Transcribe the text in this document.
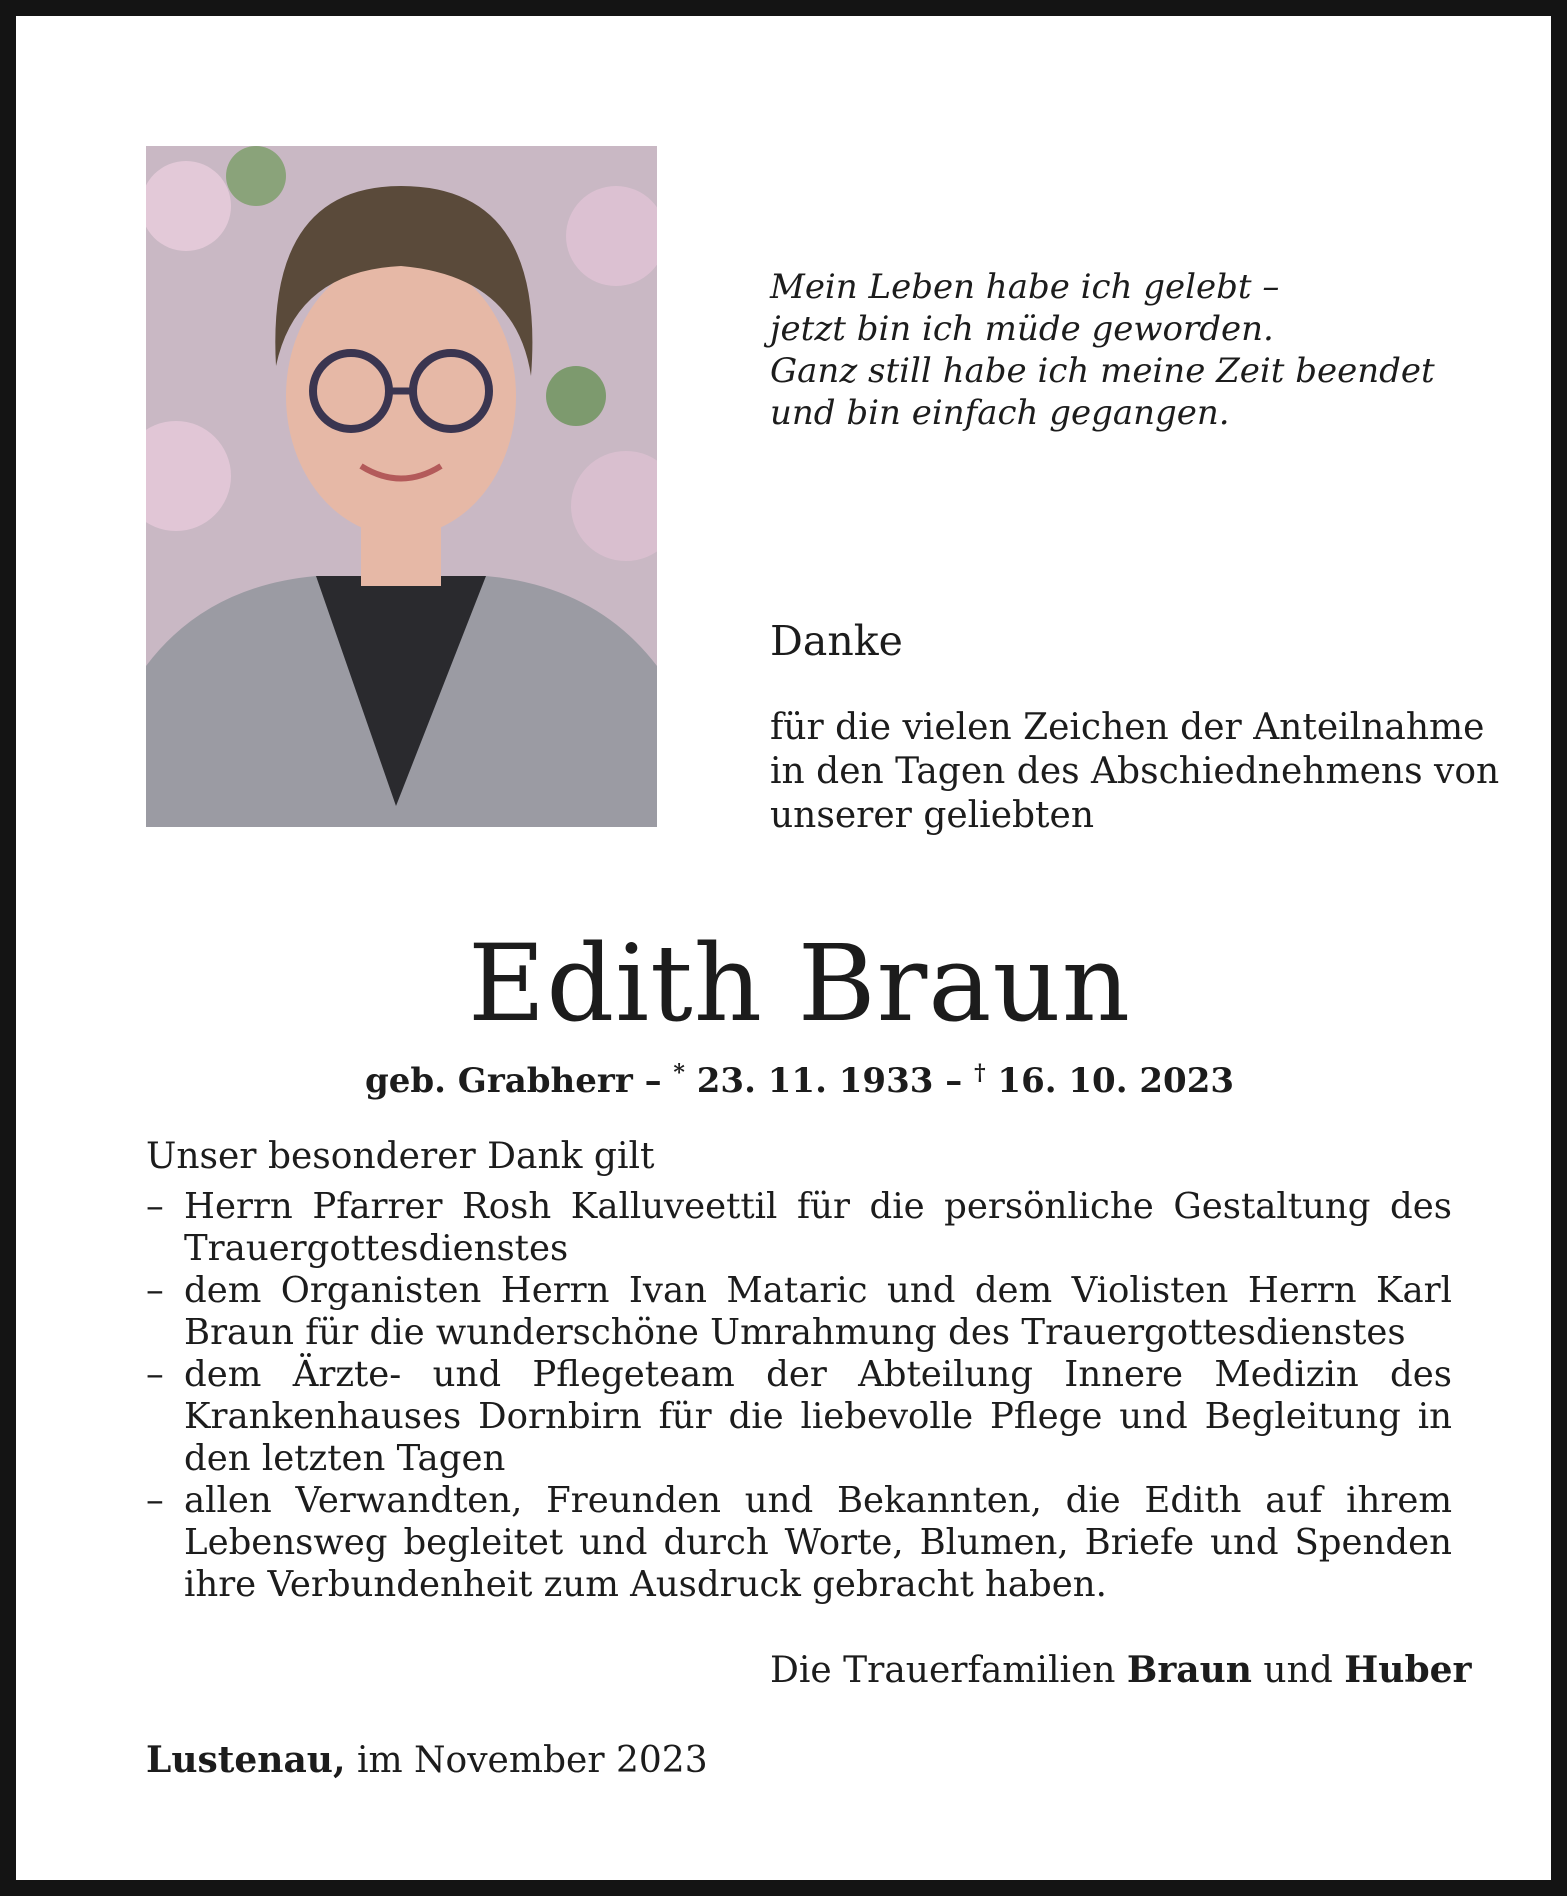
Mein Leben habe ich gelebt –
jetzt bin ich müde geworden.
Ganz still habe ich meine Zeit beendet
und bin einfach gegangen.
Danke
für die vielen Zeichen der Anteilnahme
in den Tagen des Abschiednehmens von
unserer geliebten
Edith Braun
geb. Grabherr – * 23. 11. 1933 – † 16. 10. 2023
Unser besonderer Dank gilt
– Herrn Pfarrer Rosh Kalluveettil für die persönliche Gestaltung des Trauergottesdienstes
– dem Organisten Herrn Ivan Mataric und dem Violisten Herrn Karl Braun für die wunderschöne Umrahmung des Trauergottesdienstes
– dem Ärzte- und Pflegeteam der Abteilung Innere Medizin des Krankenhauses Dornbirn für die liebevolle Pflege und Begleitung in den letzten Tagen
– allen Verwandten, Freunden und Bekannten, die Edith auf ihrem Lebensweg begleitet und durch Worte, Blumen, Briefe und Spenden ihre Verbundenheit zum Ausdruck gebracht haben.
Die Trauerfamilien Braun und Huber
Lustenau, im November 2023
